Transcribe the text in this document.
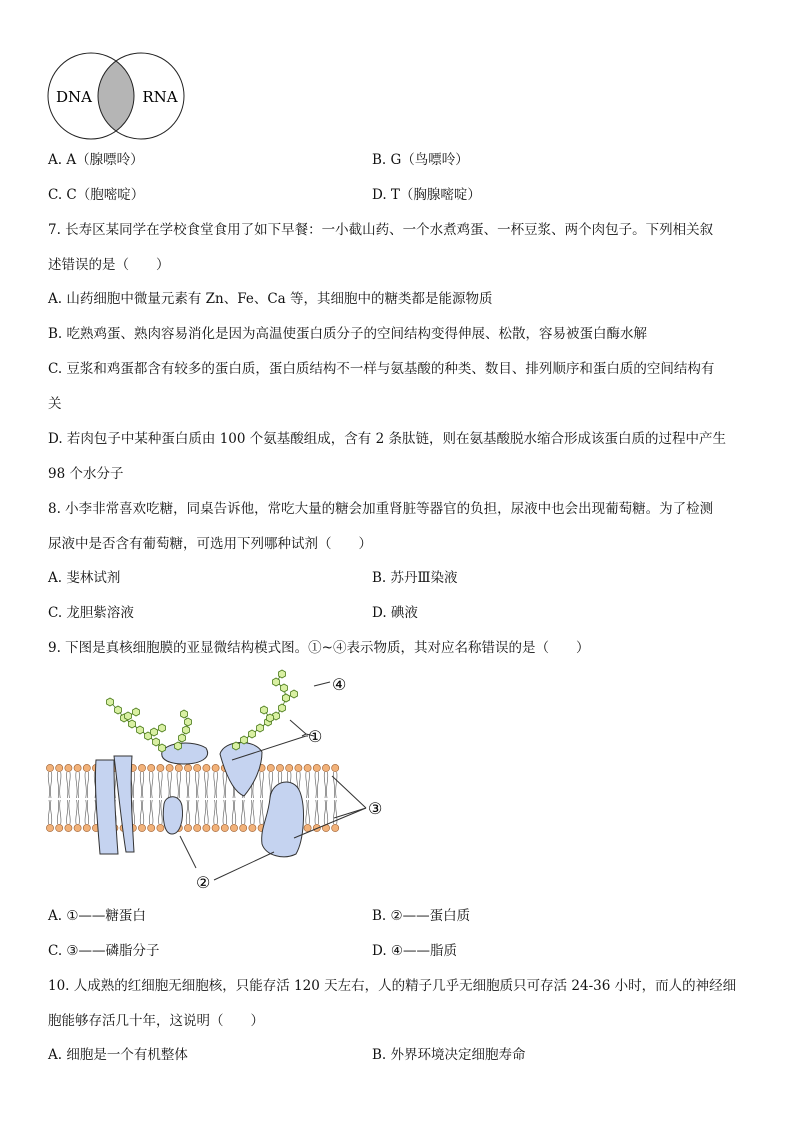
DNA	RNA
A. A（腺嘌呤）	B. G（鸟嘌呤）
C. C（胞嘧啶）	D. T（胸腺嘧啶）
7. 长寿区某同学在学校食堂食用了如下早餐：一小截山药、一个水煮鸡蛋、一杯豆浆、两个肉包子。下列相关叙
述错误的是（　　）
A. 山药细胞中微量元素有 Zn、Fe、Ca 等，其细胞中的糖类都是能源物质
B. 吃熟鸡蛋、熟肉容易消化是因为高温使蛋白质分子的空间结构变得伸展、松散，容易被蛋白酶水解
C. 豆浆和鸡蛋都含有较多的蛋白质，蛋白质结构不一样与氨基酸的种类、数目、排列顺序和蛋白质的空间结构有
关
D. 若肉包子中某种蛋白质由 100 个氨基酸组成，含有 2 条肽链，则在氨基酸脱水缩合形成该蛋白质的过程中产生
98 个水分子
8. 小李非常喜欢吃糖，同桌告诉他，常吃大量的糖会加重肾脏等器官的负担，尿液中也会出现葡萄糖。为了检测
尿液中是否含有葡萄糖，可选用下列哪种试剂（　　）
A. 斐林试剂	B. 苏丹Ⅲ染液
C. 龙胆紫溶液	D. 碘液
9. 下图是真核细胞膜的亚显微结构模式图。①~④表示物质，其对应名称错误的是（　　）
④
①
③
②
A. ①——糖蛋白	B. ②——蛋白质
C. ③——磷脂分子	D. ④——脂质
10. 人成熟的红细胞无细胞核，只能存活 120 天左右，人的精子几乎无细胞质只可存活 24-36 小时，而人的神经细
胞能够存活几十年，这说明（　　）
A. 细胞是一个有机整体	B. 外界环境决定细胞寿命
